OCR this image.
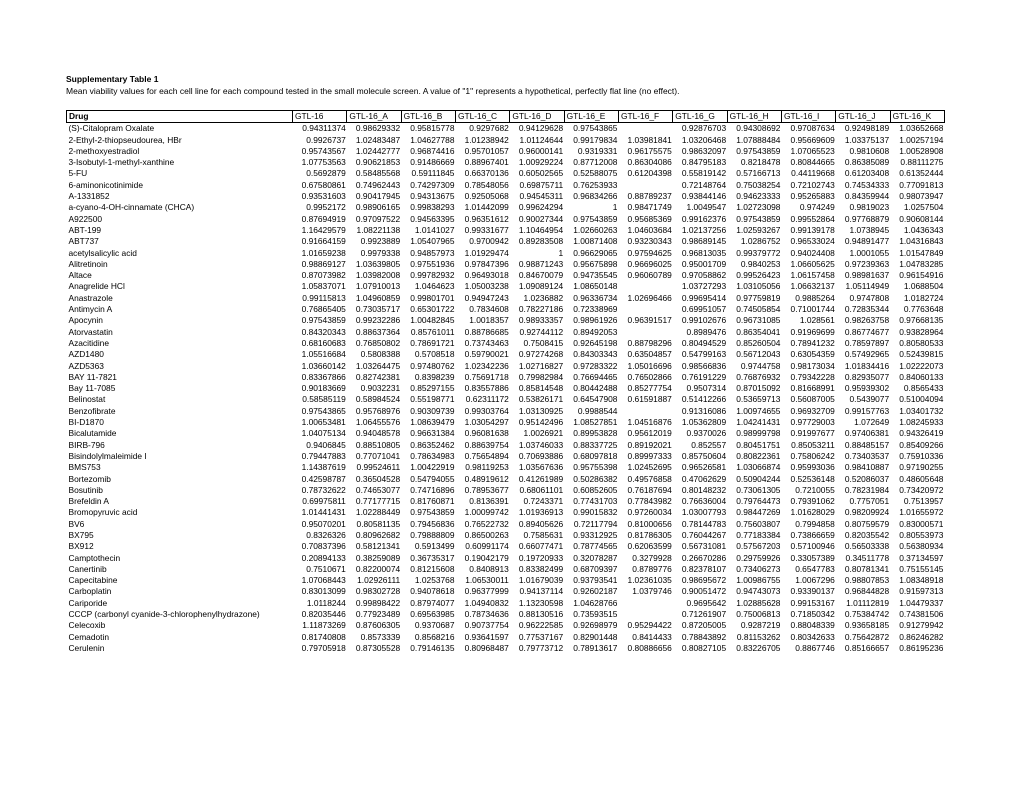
Supplementary Table 1
Mean viability values for each cell line for each compound tested in the small molecule screen. A value of "1" represents a hypothetical, perfectly flat line (no effect).
Drug	GTL-16	GTL-16_A	GTL-16_B	GTL-16_C	GTL-16_D	GTL-16_E	GTL-16_F	GTL-16_G	GTL-16_H	GTL-16_I	GTL-16_J	GTL-16_K
(S)-Citalopram Oxalate	0.94311374	0.98629332	0.95815778	0.9297682	0.94129628	0.97543865		0.92876703	0.94308692	0.97087634	0.92498189	1.03652668
2-Ethyl-2-thiopseudourea, HBr	0.9926737	1.02483487	1.04627788	1.01238942	1.01124644	0.99179834	1.03981841	1.03206468	1.07888484	0.95669609	1.03375137	1.00257194
2-methoxyestradiol	0.95743567	1.02442777	0.96874416	0.95701057	0.96000141	0.9319331	0.96175575	0.98632097	0.97543859	1.07065523	0.9810608	1.00528908
3-Isobutyl-1-methyl-xanthine	1.07753563	0.90621853	0.91486669	0.88967401	1.00929224	0.87712008	0.86304086	0.84795183	0.8218478	0.80844665	0.86385089	0.88111275
5-FU	0.5692879	0.58485568	0.59111845	0.66370136	0.60502565	0.52588075	0.61204398	0.55819142	0.57166713	0.44119668	0.61203408	0.61352444
6-aminonicotinimide	0.67580861	0.74962443	0.74297309	0.78548056	0.69875711	0.76253933		0.72148764	0.75038254	0.72102743	0.74534333	0.77091813
A-1331852	0.93531603	0.90417945	0.94313675	0.92505068	0.94545311	0.96834266	0.88789237	0.93844146	0.94623333	0.95265883	0.84359944	0.98073947
a-cyano-4-OH-cinnamate (CHCA)	0.9952172	0.98906165	0.99838293	1.01442099	0.99624294	1	0.98471749	1.0049547	1.02723098	0.974249	0.9819023	1.0257504
A922500	0.87694919	0.97097522	0.94563395	0.96351612	0.90027344	0.97543859	0.95685369	0.99162376	0.97543859	0.99552864	0.97768879	0.90608144
ABT-199	1.16429579	1.08221138	1.0141027	0.99331677	1.10464954	1.02660263	1.04603684	1.02137256	1.02593267	0.99139178	1.0738945	1.0436343
ABT737	0.91664159	0.9923889	1.05407965	0.9700942	0.89283508	1.00871408	0.93230343	0.98689145	1.0286752	0.96533024	0.94891477	1.04316843
acetylsalicylic acid	1.01659238	0.9979338	0.94857973	1.01929474	1	0.96629065	0.97594625	0.96813035	0.99379772	0.94024408	1.0001055	1.01547849
Alitretinoin	0.98869127	1.03639805	0.97551936	0.97847396	0.98871243	0.95675898	0.96696025	0.95001709	0.9840253	1.06605625	0.97239363	1.04783285
Altace	0.87073982	1.03982008	0.99782932	0.96493018	0.84670079	0.94735545	0.96060789	0.97058862	0.99526423	1.06157458	0.98981637	0.96154916
Anagrelide HCl	1.05837071	1.07910013	1.0464623	1.05003238	1.09089124	1.08650148		1.03727293	1.03105056	1.06632137	1.05114949	1.0688504
Anastrazole	0.99115813	1.04960859	0.99801701	0.94947243	1.0236882	0.96336734	1.02696466	0.99695414	0.97759819	0.9885264	0.9747808	1.0182724
Antimycin A	0.76865405	0.73035717	0.65301722	0.7834608	0.78227186	0.72338969		0.69951057	0.74505854	0.71001744	0.72835344	0.7763648
Apocynin	0.97543859	0.99232286	1.00482845	1.0018357	0.98933357	0.98961926	0.96391517	0.99102676	0.96731085	1.028561	0.98263758	0.97668135
Atorvastatin	0.84320343	0.88637364	0.85761011	0.88786685	0.92744112	0.89492053		0.8989476	0.86354041	0.91969699	0.86774677	0.93828964
Azacitidine	0.68160683	0.76850802	0.78691721	0.73743463	0.7508415	0.92645198	0.88798296	0.80494529	0.85260504	0.78941232	0.78597897	0.80580533
AZD1480	1.05516684	0.5808388	0.5708518	0.59790021	0.97274268	0.84303343	0.63504857	0.54799163	0.56712043	0.63054359	0.57492965	0.52439815
AZD5363	1.03660142	1.03264475	0.97480762	1.02342236	1.02716827	0.97283322	1.05016696	0.98566836	0.9744758	0.98173034	1.01834416	1.02222073
BAY 11-7821	0.83367866	0.82742381	0.8398239	0.75691718	0.79982984	0.76694465	0.76502866	0.76191229	0.76876932	0.79342228	0.82935077	0.84060133
Bay 11-7085	0.90183669	0.9032231	0.85297155	0.83557886	0.85814548	0.80442488	0.85277754	0.9507314	0.87015092	0.81668991	0.95939302	0.8565433
Belinostat	0.58585119	0.58984524	0.55198771	0.62311172	0.53826171	0.64547908	0.61591887	0.51412266	0.53659713	0.56087005	0.5439077	0.51004094
Benzofibrate	0.97543865	0.95768976	0.90309739	0.99303764	1.03130925	0.9988544		0.91316086	1.00974655	0.96932709	0.99157763	1.03401732
BI-D1870	1.00653481	1.06455576	1.08639479	1.03054297	0.95142496	1.08527851	1.04516876	1.05362809	1.04241431	0.97729003	1.072649	1.08245933
Bicalutamide	1.04075134	0.94048578	0.96631384	0.96081638	1.0026921	0.89953828	0.95612019	0.9370026	0.98999798	0.91997677	0.97406381	0.94326419
BIRB-796	0.9406845	0.88510805	0.86352462	0.88639754	1.03746033	0.88337725	0.89192021	0.852557	0.80451751	0.85053211	0.88485157	0.85409266
Bisindolylmaleimide I	0.79447883	0.77071041	0.78634983	0.75654894	0.70693886	0.68097818	0.89997333	0.85750604	0.80822361	0.75806242	0.73403537	0.75910336
BMS753	1.14387619	0.99524611	1.00422919	0.98119253	1.03567636	0.95755398	1.02452695	0.96526581	1.03066874	0.95993036	0.98410887	0.97190255
Bortezomib	0.42598787	0.36504528	0.54794055	0.48919612	0.41261989	0.50286382	0.49576858	0.47062629	0.50904244	0.52536148	0.52086037	0.48605648
Bosutinib	0.78732622	0.74653077	0.74716896	0.78953677	0.68061101	0.60852605	0.76187694	0.80148232	0.73061305	0.7210055	0.78231984	0.73420972
Brefeldin A	0.69975811	0.77177715	0.81760871	0.8136391	0.7243371	0.77431703	0.77843982	0.76636004	0.79764473	0.79391062	0.7757051	0.7513957
Bromopyruvic acid	1.01441431	1.02288449	0.97543859	1.00099742	1.01936913	0.99015832	0.97260034	1.03007793	0.98447269	1.01628029	0.98209924	1.01655972
BV6	0.95070201	0.80581135	0.79456836	0.76522732	0.89405626	0.72117794	0.81000656	0.78144783	0.75603807	0.7994858	0.80759579	0.83000571
BX795	0.8326326	0.80962682	0.79888809	0.86500263	0.7585631	0.93312925	0.81786305	0.76044267	0.77183384	0.73866659	0.82035542	0.80553973
BX912	0.70837396	0.58121341	0.5913499	0.60991174	0.66077471	0.78774565	0.62063599	0.56731081	0.57567203	0.57100946	0.56503338	0.56380934
Camptothecin	0.20894133	0.38259089	0.36735317	0.19042179	0.19720933	0.32078287	0.3279928	0.26670286	0.29759926	0.33057389	0.34511778	0.37134597
Canertinib	0.7510671	0.82200074	0.81215608	0.8408913	0.83382499	0.68709397	0.8789776	0.82378107	0.73406273	0.6547783	0.80781341	0.75155145
Capecitabine	1.07068443	1.02926111	1.0253768	1.06530011	1.01679039	0.93793541	1.02361035	0.98695672	1.00986755	1.0067296	0.98807853	1.08348918
Carboplatin	0.83013099	0.98302728	0.94078618	0.96377999	0.94137114	0.92602187	1.0379746	0.90051472	0.94743073	0.93390137	0.96844828	0.91597313
Cariporide	1.0118244	0.99898422	0.87974077	1.04940832	1.13230598	1.04628766		0.9695642	1.02885628	0.99153167	1.01112819	1.04479337
CCCP (carbonyl cyanide-3-chlorophenylhydrazone)	0.82035446	0.77923489	0.69563985	0.78734636	0.88130516	0.73593515		0.71261907	0.75006813	0.71850342	0.75384742	0.74381506
Celecoxib	1.11873269	0.87606305	0.9370687	0.90737754	0.96222585	0.92698979	0.95294422	0.87205005	0.9287219	0.88048339	0.93658185	0.91279942
Cemadotin	0.81740808	0.8573339	0.8568216	0.93641597	0.77537167	0.82901448	0.8414433	0.78843892	0.81153262	0.80342633	0.75642872	0.86246282
Cerulenin	0.79705918	0.87305528	0.79146135	0.80968487	0.79773712	0.78913617	0.80886656	0.80827105	0.83226705	0.8867746	0.85166657	0.86195236
